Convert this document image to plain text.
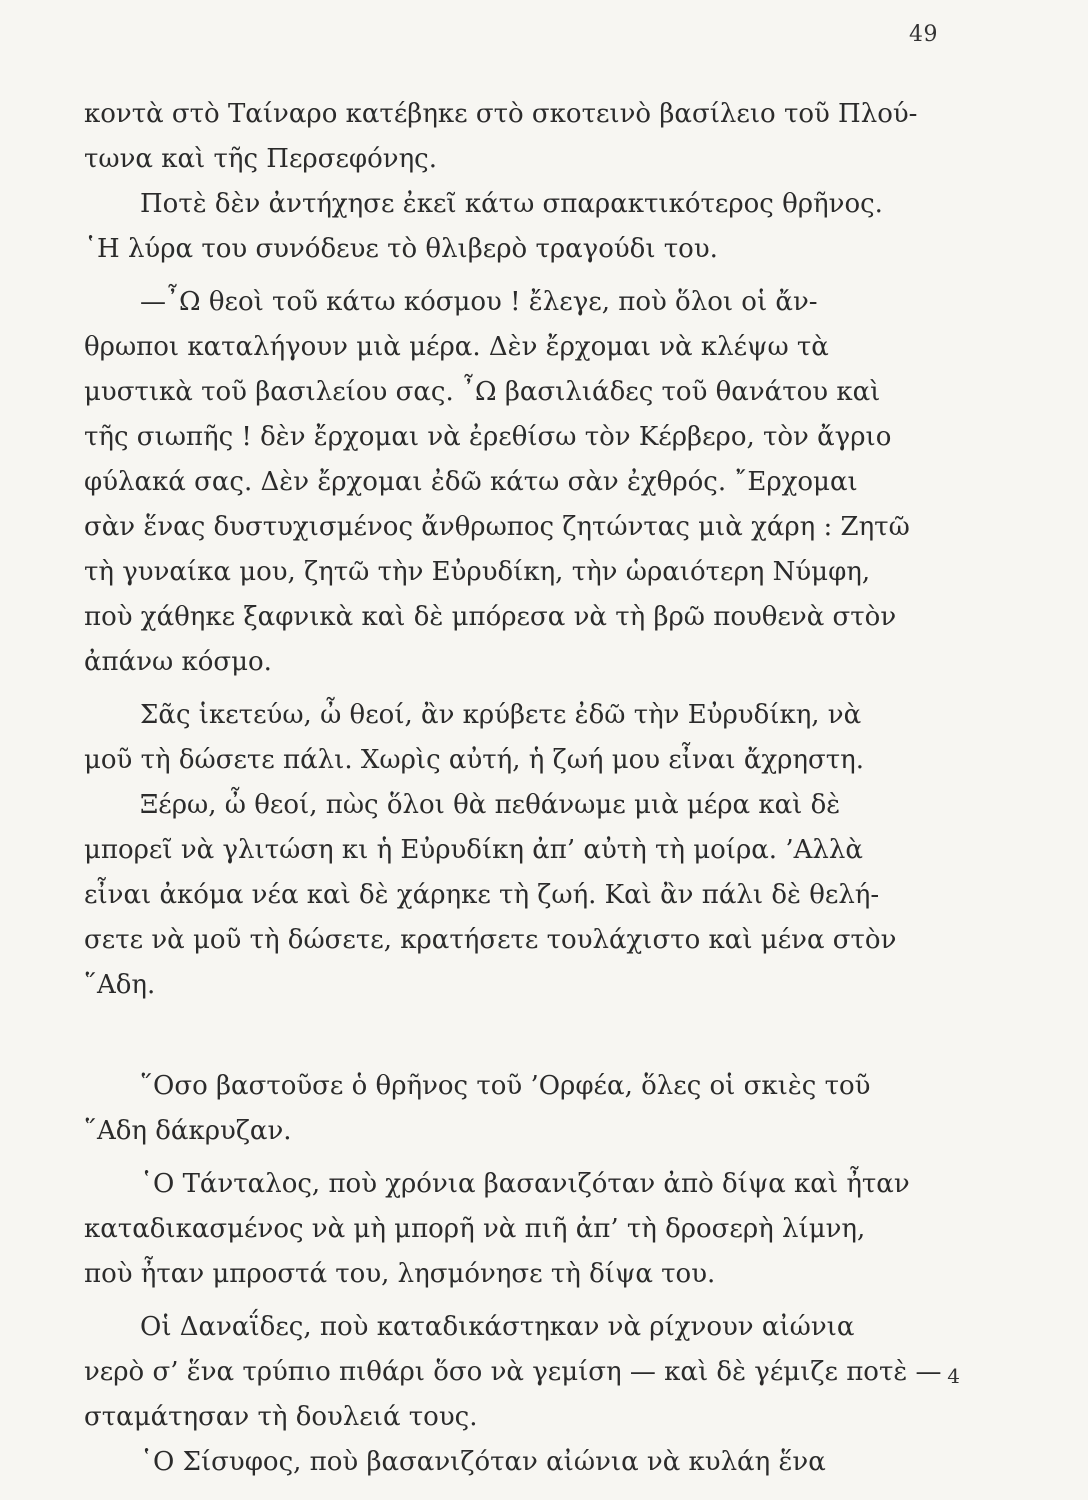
49
κοντὰ στὸ Ταίναρο κατέβηκε στὸ σκοτεινὸ βασίλειο τοῦ Πλού-
τωνα καὶ τῆς Περσεφόνης.
Ποτὲ δὲν ἀντήχησε ἐκεῖ κάτω σπαρακτικότερος θρῆνος.
῾Η λύρα του συνόδευε τὸ θλιβερὸ τραγούδι του.
—῏Ω θεοὶ τοῦ κάτω κόσμου ! ἔλεγε, ποὺ ὅλοι οἱ ἄν-
θρωποι καταλήγουν μιὰ μέρα. Δὲν ἔρχομαι νὰ κλέψω τὰ
μυστικὰ τοῦ βασιλείου σας. ῏Ω βασιλιάδες τοῦ θανάτου καὶ
τῆς σιωπῆς ! δὲν ἔρχομαι νὰ ἐρεθίσω τὸν Κέρβερο, τὸν ἄγριο
φύλακά σας. Δὲν ἔρχομαι ἐδῶ κάτω σὰν ἐχθρός. ῎Ερχομαι
σὰν ἕνας δυστυχισμένος ἄνθρωπος ζητώντας μιὰ χάρη : Ζητῶ
τὴ γυναίκα μου, ζητῶ τὴν Εὐρυδίκη, τὴν ὡραιότερη Νύμφη,
ποὺ χάθηκε ξαφνικὰ καὶ δὲ μπόρεσα νὰ τὴ βρῶ πουθενὰ στὸν
ἀπάνω κόσμο.
Σᾶς ἱκετεύω, ὦ θεοί, ἂν κρύβετε ἐδῶ τὴν Εὐρυδίκη, νὰ
μοῦ τὴ δώσετε πάλι. Χωρὶς αὐτή, ἡ ζωή μου εἶναι ἄχρηστη.
Ξέρω, ὦ θεοί, πὼς ὅλοι θὰ πεθάνωμε μιὰ μέρα καὶ δὲ
μπορεῖ νὰ γλιτώση κι ἡ Εὐρυδίκη ἀπ’ αὐτὴ τὴ μοίρα. ’Αλλὰ
εἶναι ἀκόμα νέα καὶ δὲ χάρηκε τὴ ζωή. Καὶ ἂν πάλι δὲ θελή-
σετε νὰ μοῦ τὴ δώσετε, κρατήσετε τουλάχιστο καὶ μένα στὸν
῞Αδη.
῞Οσο βαστοῦσε ὁ θρῆνος τοῦ ’Ορφέα, ὅλες οἱ σκιὲς τοῦ
῞Αδη δάκρυζαν.
῾Ο Τάνταλος, ποὺ χρόνια βασανιζόταν ἀπὸ δίψα καὶ ἦταν
καταδικασμένος νὰ μὴ μπορῆ νὰ πιῆ ἀπ’ τὴ δροσερὴ λίμνη,
ποὺ ἦταν μπροστά του, λησμόνησε τὴ δίψα του.
Οἱ Δαναΐδες, ποὺ καταδικάστηκαν νὰ ρίχνουν αἰώνια
νερὸ σ’ ἕνα τρύπιο πιθάρι ὅσο νὰ γεμίση — καὶ δὲ γέμιζε ποτὲ —
σταμάτησαν τὴ δουλειά τους.
῾Ο Σίσυφος, ποὺ βασανιζόταν αἰώνια νὰ κυλάη ἕνα
4
